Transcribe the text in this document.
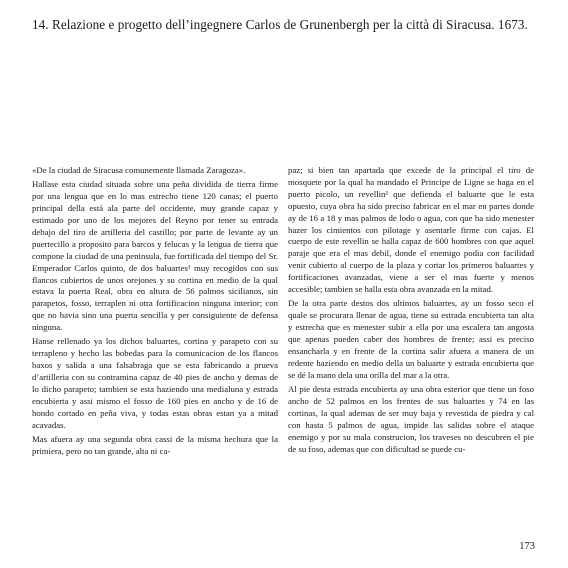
14. Relazione e progetto dell’ingegnere Carlos de Grunenbergh per la città di Siracusa. 1673.

«De la ciudad de Siracusa comunemente llamada Zaragoza».

Hallase esta ciudad situada sobre una peña dividida de tierra firme por una lengua que en lo mas estrecho tiene 120 canas; el puerto principal della está ala parte del occidente, muy grande capaz y estimado por uno de los mejores del Reyno por tener su entrada debajo del tiro de artilleria del castillo; por parte de levante ay un puertecillo a proposito para barcos y felucas y la lengua de tierra que compone la ciudad de una peninsula, fue fortificada del tiempo del Sr. Emperador Carlos quinto, de dos baluartes¹ muy recogidos con sus flancos cubiertos de unos orejones y su cortina en medio de la qual estava la puerta Real, obra en altura de 56 palmos sicilianos, sin parapetos, fosso, terraplen ni otra fortificacion ninguna interior; con que no havia sino una puerta sencilla y per consiguiente de defensa ninguna.

Hanse rellenado ya los dichos baluartes, cortina y parapeto con su terrapleno y hecho las bobedas para la comunicacion de los flancos baxos y salida a una falsabraga que se esta fabricando a prueva d’artilleria con su contramina capaz de 40 pies de ancho y demas de lo dicho parapeto; tambien se esta haziendo una medialuna y estrada encubierta y assi mismo el fosso de 160 pies en ancho y de 16 de hondo cortado en peña viva, y todas estas obras estan ya a mitad acavadas.

Mas afuera ay una segunda obra cassi de la misma hechura que la primiera, pero no tan grande, alta ni ca-

paz; si bien tan apartada que excede de la principal el tiro de mosquete por la qual ha mandado el Principe de Ligne se haga en el puerto picolo, un revellin² que defienda el baluarte que le esta opuesto, cuya obra ha sido preciso fabricar en el mar en partes donde ay de 16 a 18 y mas palmos de lodo o agua, con que ha sido menester hazer los cimientos con pilotage y asentarle firme con cajas. El cuerpo de este revellin se halla capaz de 600 hombres con que aquel paraje que era el mas debil, donde el enemigo podia con facilidad venir cubierto al cuerpo de la plaza y cortar los primeros baluartes y fortificaciones avanzadas, viene a ser el mas fuerte y menos accesible; tambien se halla esta obra avanzada en la mitad.

De la otra parte destos dos ultimos baluartes, ay un fosso seco el quale se procurara llenar de agua, tiene su estrada encubierta tan alta y estrecha que es menester subir a ella por una escalera tan angosta que apenas pueden caber dos hombres de frente; assi es preciso ensancharla y en frente de la cortina salir afuera a manera de un redente haziendo en medio della un baluarte y estrada encubierta que se dé la mano dela una orilla del mar a la otra.

Al pie desta estrada encubierta ay una obra esterior que tiene un foso ancho de 52 palmos en los frentes de sus baluartes y 74 en las cortinas, la qual ademas de ser muy baja y revestida de piedra y cal con hasta 5 palmos de agua, impide las salidas sobre el ataque enemigo y por su mala construcion, los traveses no descubren el pie de su foso, ademas que con dificultad se puede cu-

173
